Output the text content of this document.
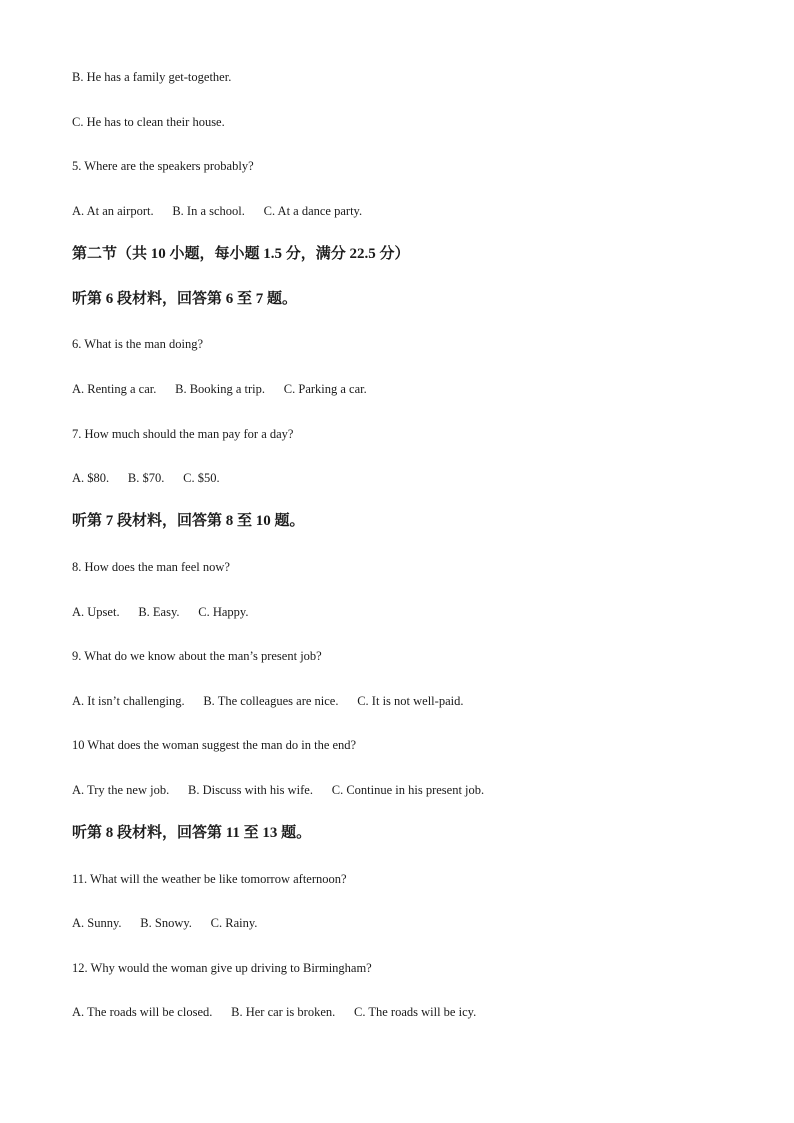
B. He has a family get-together.
C. He has to clean their house.
5. Where are the speakers probably?
A. At an airport.      B. In a school.      C. At a dance party.
第二节（共 10 小题，每小题 1.5 分，满分 22.5 分）
听第 6 段材料，回答第 6 至 7 题。
6. What is the man doing?
A. Renting a car.      B. Booking a trip.      C. Parking a car.
7. How much should the man pay for a day?
A. $80.      B. $70.      C. $50.
听第 7 段材料，回答第 8 至 10 题。
8. How does the man feel now?
A. Upset.      B. Easy.      C. Happy.
9. What do we know about the man’s present job?
A. It isn’t challenging.      B. The colleagues are nice.      C. It is not well-paid.
10 What does the woman suggest the man do in the end?
A. Try the new job.      B. Discuss with his wife.      C. Continue in his present job.
听第 8 段材料，回答第 11 至 13 题。
11. What will the weather be like tomorrow afternoon?
A. Sunny.      B. Snowy.      C. Rainy.
12. Why would the woman give up driving to Birmingham?
A. The roads will be closed.      B. Her car is broken.      C. The roads will be icy.
